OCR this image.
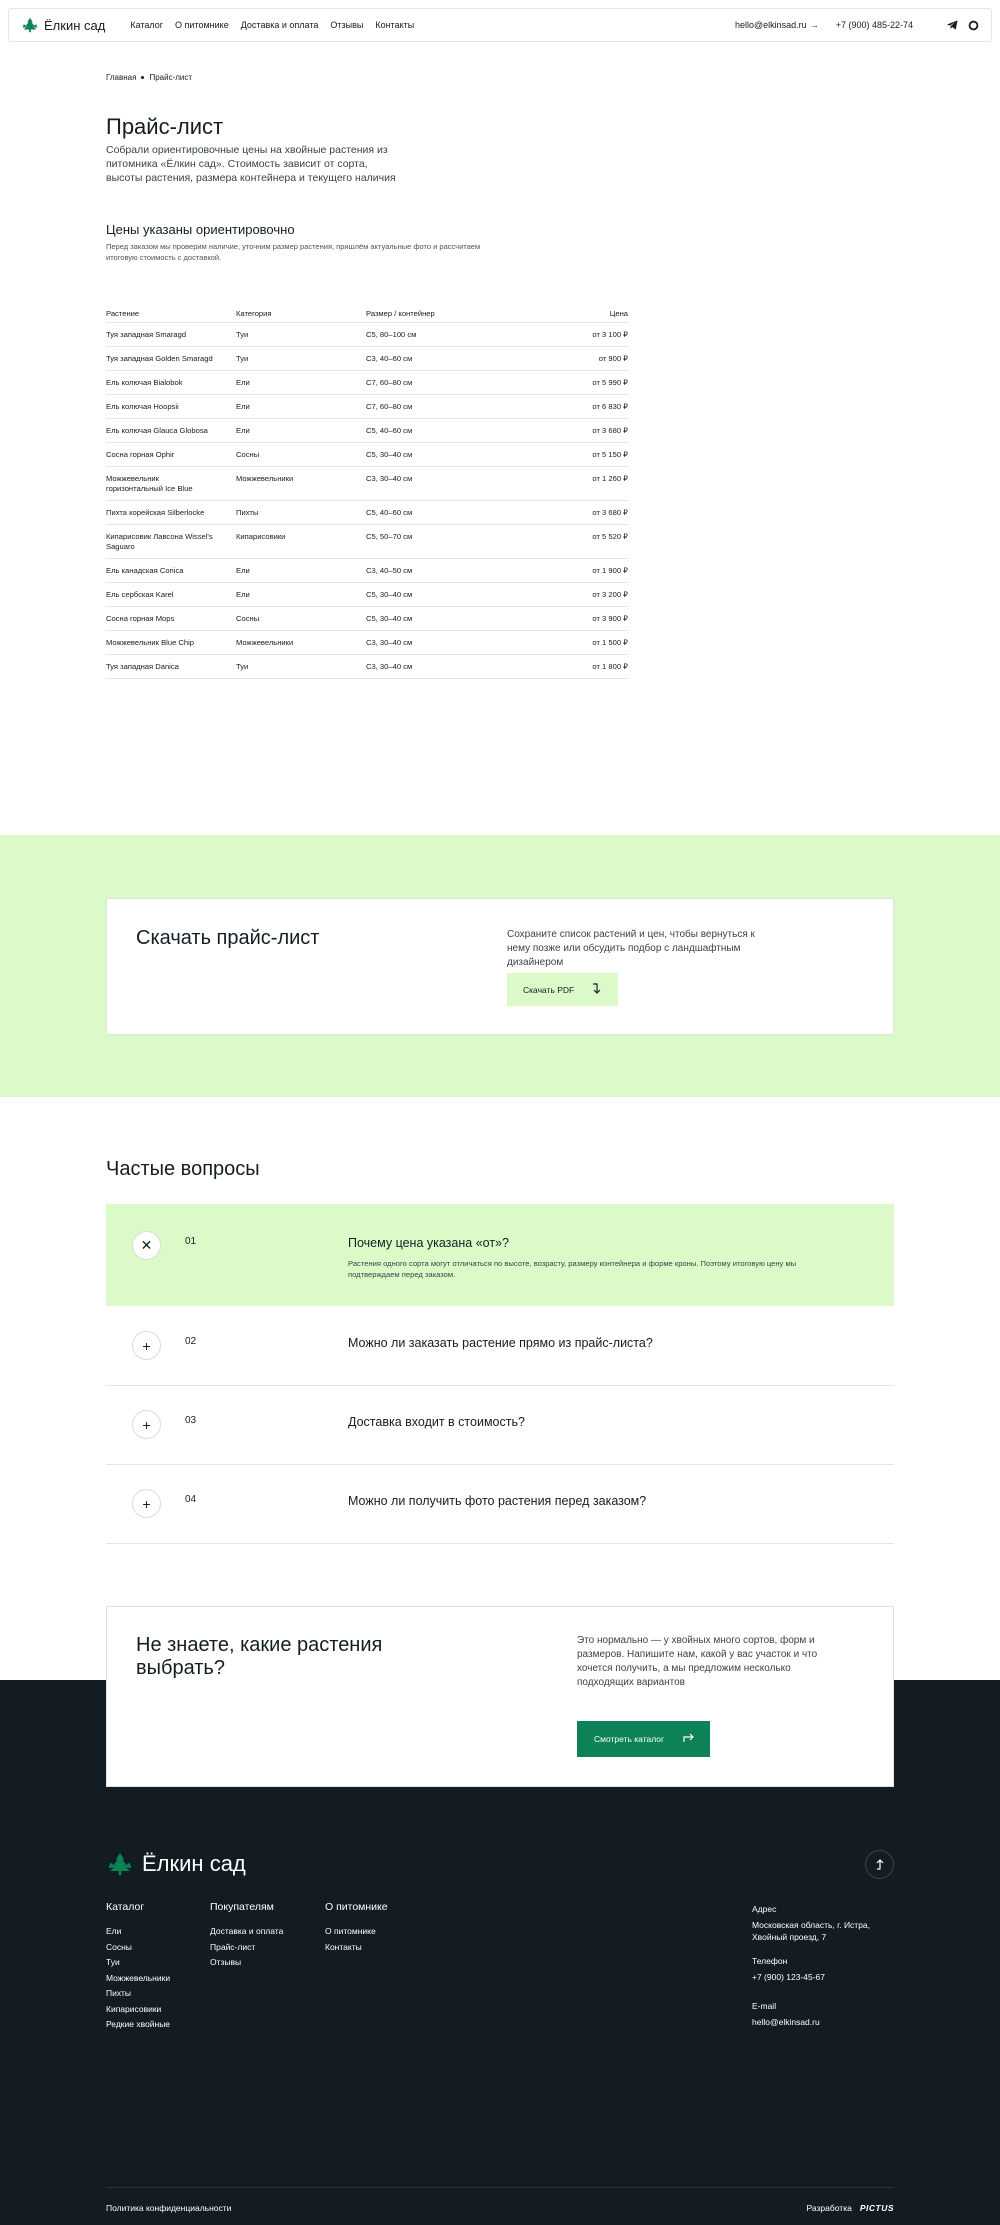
Ёлкин сад	Каталог О питомнике Доставка и оплата Отзывы Контакты	hello@elkinsad.ru → +7 (900) 485-22-74
Главная Прайс-лист
Прайс-лист

Собрали ориентировочные цены на хвойные растения из питомника «Ёлкин сад». Стоимость зависит от сорта, высоты растения, размера контейнера и текущего наличия

Цены указаны ориентировочно

Перед заказом мы проверим наличие, уточним размер растения, пришлём актуальные фото и рассчитаем итоговую стоимость с доставкой.

Растение	Категория	Размер / контейнер	Цена
Туя западная Smaragd	Туи	C5, 80–100 см	от 3 100 ₽
Туя западная Golden Smaragd	Туи	C3, 40–60 см	от 900 ₽
Ель колючая Bialobok	Ели	C7, 60–80 см	от 5 990 ₽
Ель колючая Hoopsii	Ели	C7, 60–80 см	от 6 830 ₽
Ель колючая Glauca Globosa	Ели	C5, 40–60 см	от 3 680 ₽
Сосна горная Ophir	Сосны	C5, 30–40 см	от 5 150 ₽
Можжевельник горизонтальный Ice Blue	Можжевельники	C3, 30–40 см	от 1 260 ₽
Пихта корейская Silberlocke	Пихты	C5, 40–60 см	от 3 680 ₽
Кипарисовик Лавсона Wissel's Saguaro	Кипарисовики	C5, 50–70 см	от 5 520 ₽
Ель канадская Conica	Ели	C3, 40–50 см	от 1 900 ₽
Ель сербская Karel	Ели	C5, 30–40 см	от 3 200 ₽
Сосна горная Mops	Сосны	C5, 30–40 см	от 3 900 ₽
Можжевельник Blue Chip	Можжевельники	C3, 30–40 см	от 1 500 ₽
Туя западная Danica	Туи	C3, 30–40 см	от 1 800 ₽
Скачать прайс-лист	Сохраните список растений и цен, чтобы вернуться к нему позже или обсудить подбор с ландшафтным дизайнером

Скачать PDF
Частые вопросы
✕	01	Почему цена указана «от»?
Растения одного сорта могут отличаться по высоте, возрасту, размеру контейнера и форме кроны. Поэтому итоговую цену мы подтверждаем перед заказом.
+	02	Можно ли заказать растение прямо из прайс-листа?
+	03	Доставка входит в стоимость?
+	04	Можно ли получить фото растения перед заказом?
Не знаете, какие растения выбрать?

Это нормально — у хвойных много сортов, форм и размеров. Напишите нам, какой у вас участок и что хочется получить, а мы предложим несколько подходящих вариантов

Смотреть каталог
Ёлкин сад
Каталог
Ели
Сосны
Туи
Можжевельники
Пихты
Кипарисовики
Редкие хвойные
Покупателям
Доставка и оплата
Прайс-лист
Отзывы
О питомнике
О питомнике
Контакты
Адрес
Московская область, г. Истра, Хвойный проезд, 7
Телефон
+7 (900) 123-45-67
E-mail
hello@elkinsad.ru
Политика конфиденциальности	Разработка PICTUS
